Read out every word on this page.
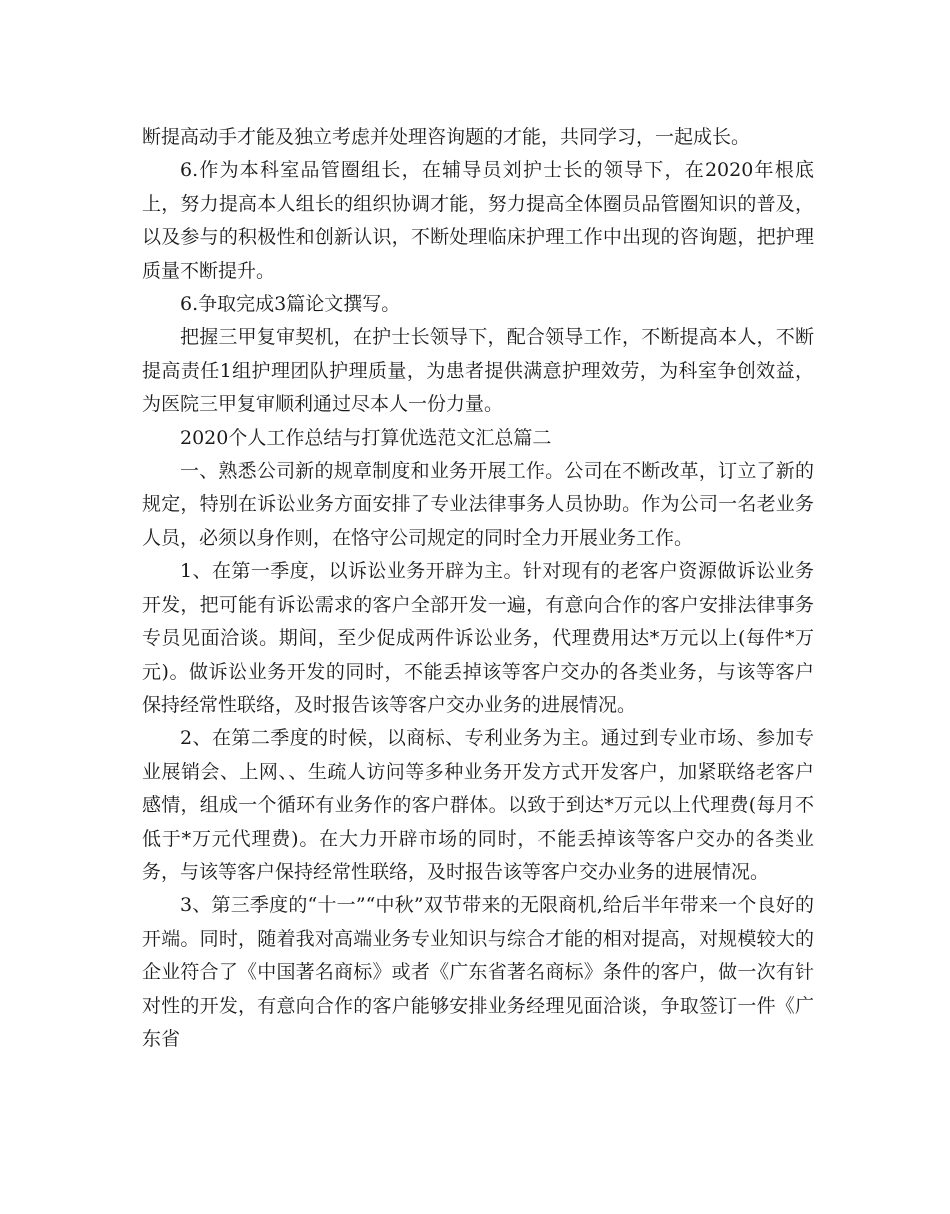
断提高动手才能及独立考虑并处理咨询题的才能，共同学习，一起成长。

6.作为本科室品管圈组长，在辅导员刘护士长的领导下，在2020年根底上，努力提高本人组长的组织协调才能，努力提高全体圈员品管圈知识的普及，以及参与的积极性和创新认识，不断处理临床护理工作中出现的咨询题，把护理质量不断提升。

6.争取完成3篇论文撰写。

把握三甲复审契机，在护士长领导下，配合领导工作，不断提高本人，不断提高责任1组护理团队护理质量，为患者提供满意护理效劳，为科室争创效益，为医院三甲复审顺利通过尽本人一份力量。

2020个人工作总结与打算优选范文汇总篇二

一、熟悉公司新的规章制度和业务开展工作。公司在不断改革，订立了新的规定，特别在诉讼业务方面安排了专业法律事务人员协助。作为公司一名老业务人员，必须以身作则，在恪守公司规定的同时全力开展业务工作。

1、在第一季度，以诉讼业务开辟为主。针对现有的老客户资源做诉讼业务开发，把可能有诉讼需求的客户全部开发一遍，有意向合作的客户安排法律事务专员见面洽谈。期间，至少促成两件诉讼业务，代理费用达*万元以上(每件*万元)。做诉讼业务开发的同时，不能丢掉该等客户交办的各类业务，与该等客户保持经常性联络，及时报告该等客户交办业务的进展情况。

2、在第二季度的时候，以商标、专利业务为主。通过到专业市场、参加专业展销会、上网、、生疏人访问等多种业务开发方式开发客户，加紧联络老客户感情，组成一个循环有业务作的客户群体。以致于到达*万元以上代理费(每月不低于*万元代理费)。在大力开辟市场的同时，不能丢掉该等客户交办的各类业务，与该等客户保持经常性联络，及时报告该等客户交办业务的进展情况。

3、第三季度的“十一”“中秋”双节带来的无限商机,给后半年带来一个良好的开端。同时，随着我对高端业务专业知识与综合才能的相对提高，对规模较大的企业符合了《中国著名商标》或者《广东省著名商标》条件的客户，做一次有针对性的开发，有意向合作的客户能够安排业务经理见面洽谈，争取签订一件《广东省
